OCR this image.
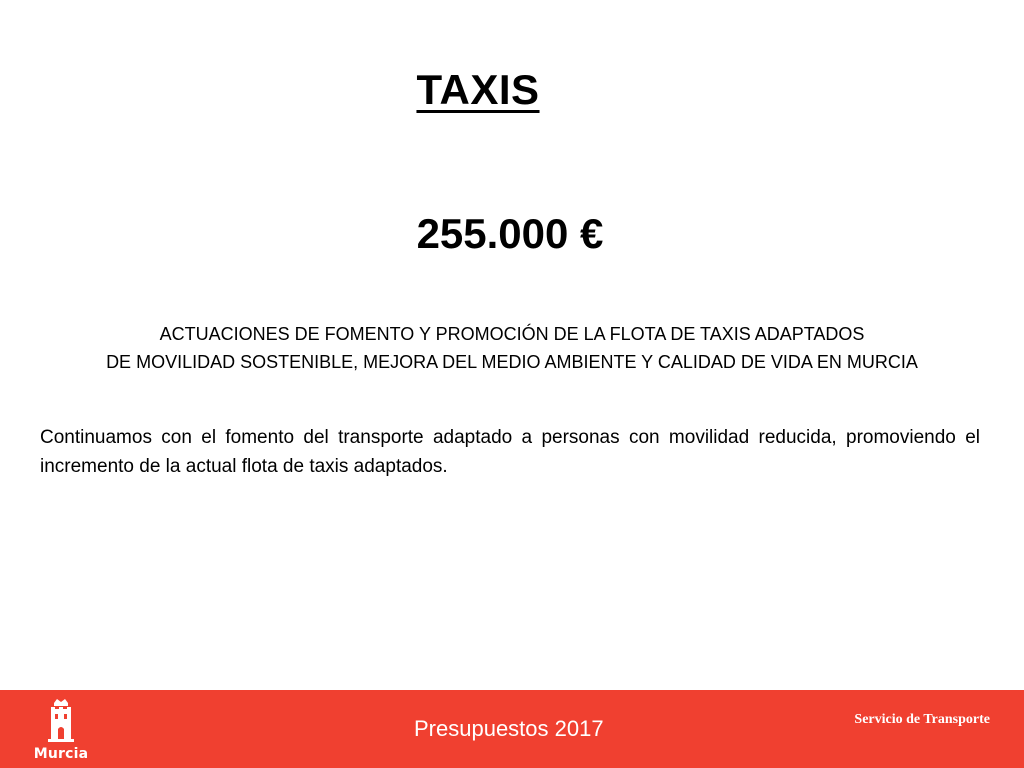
TAXIS
255.000 €
ACTUACIONES DE FOMENTO Y PROMOCIÓN DE LA FLOTA DE TAXIS ADAPTADOS
DE MOVILIDAD SOSTENIBLE, MEJORA DEL MEDIO AMBIENTE Y CALIDAD DE VIDA EN MURCIA
Continuamos con el fomento del transporte adaptado a personas con movilidad reducida, promoviendo el incremento de la actual flota de taxis adaptados.
Murcia
Presupuestos 2017	Servicio de Transporte
